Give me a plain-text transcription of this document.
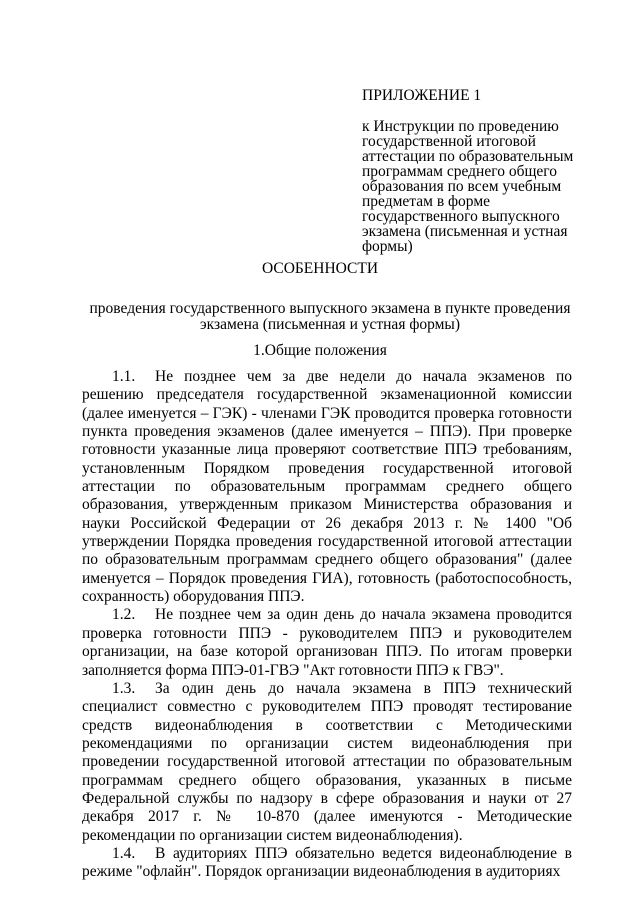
ПРИЛОЖЕНИЕ 1
к Инструкции по проведению государственной итоговой аттестации по образовательным программам среднего общего образования по всем учебным предметам в форме государственного выпускного экзамена (письменная и устная формы)
ОСОБЕННОСТИ
проведения государственного выпускного экзамена в пункте проведения экзамена (письменная и устная формы)
1.Общие положения

1.1. Не позднее чем за две недели до начала экзаменов по решению председателя государственной экзаменационной комиссии (далее именуется – ГЭК) - членами ГЭК проводится проверка готовности пункта проведения экзаменов (далее именуется – ППЭ). При проверке готовности указанные лица проверяют соответствие ППЭ требованиям, установленным Порядком проведения государственной итоговой аттестации по образовательным программам среднего общего образования, утвержденным приказом Министерства образования и науки Российской Федерации от 26 декабря 2013 г. № 1400 "Об утверждении Порядка проведения государственной итоговой аттестации по образовательным программам среднего общего образования" (далее именуется – Порядок проведения ГИА), готовность (работоспособность, сохранность) оборудования ППЭ.

1.2. Не позднее чем за один день до начала экзамена проводится проверка готовности ППЭ - руководителем ППЭ и руководителем организации, на базе которой организован ППЭ. По итогам проверки заполняется форма ППЭ-01-ГВЭ "Акт готовности ППЭ к ГВЭ".

1.3. За один день до начала экзамена в ППЭ технический специалист совместно с руководителем ППЭ проводят тестирование средств видеонаблюдения в соответствии с Методическими рекомендациями по организации систем видеонаблюдения при проведении государственной итоговой аттестации по образовательным программам среднего общего образования, указанных в письме Федеральной службы по надзору в сфере образования и науки от 27 декабря 2017 г. № 10-870 (далее именуются - Методические рекомендации по организации систем видеонаблюдения).

1.4. В аудиториях ППЭ обязательно ведется видеонаблюдение в режиме "офлайн". Порядок организации видеонаблюдения в аудиториях
